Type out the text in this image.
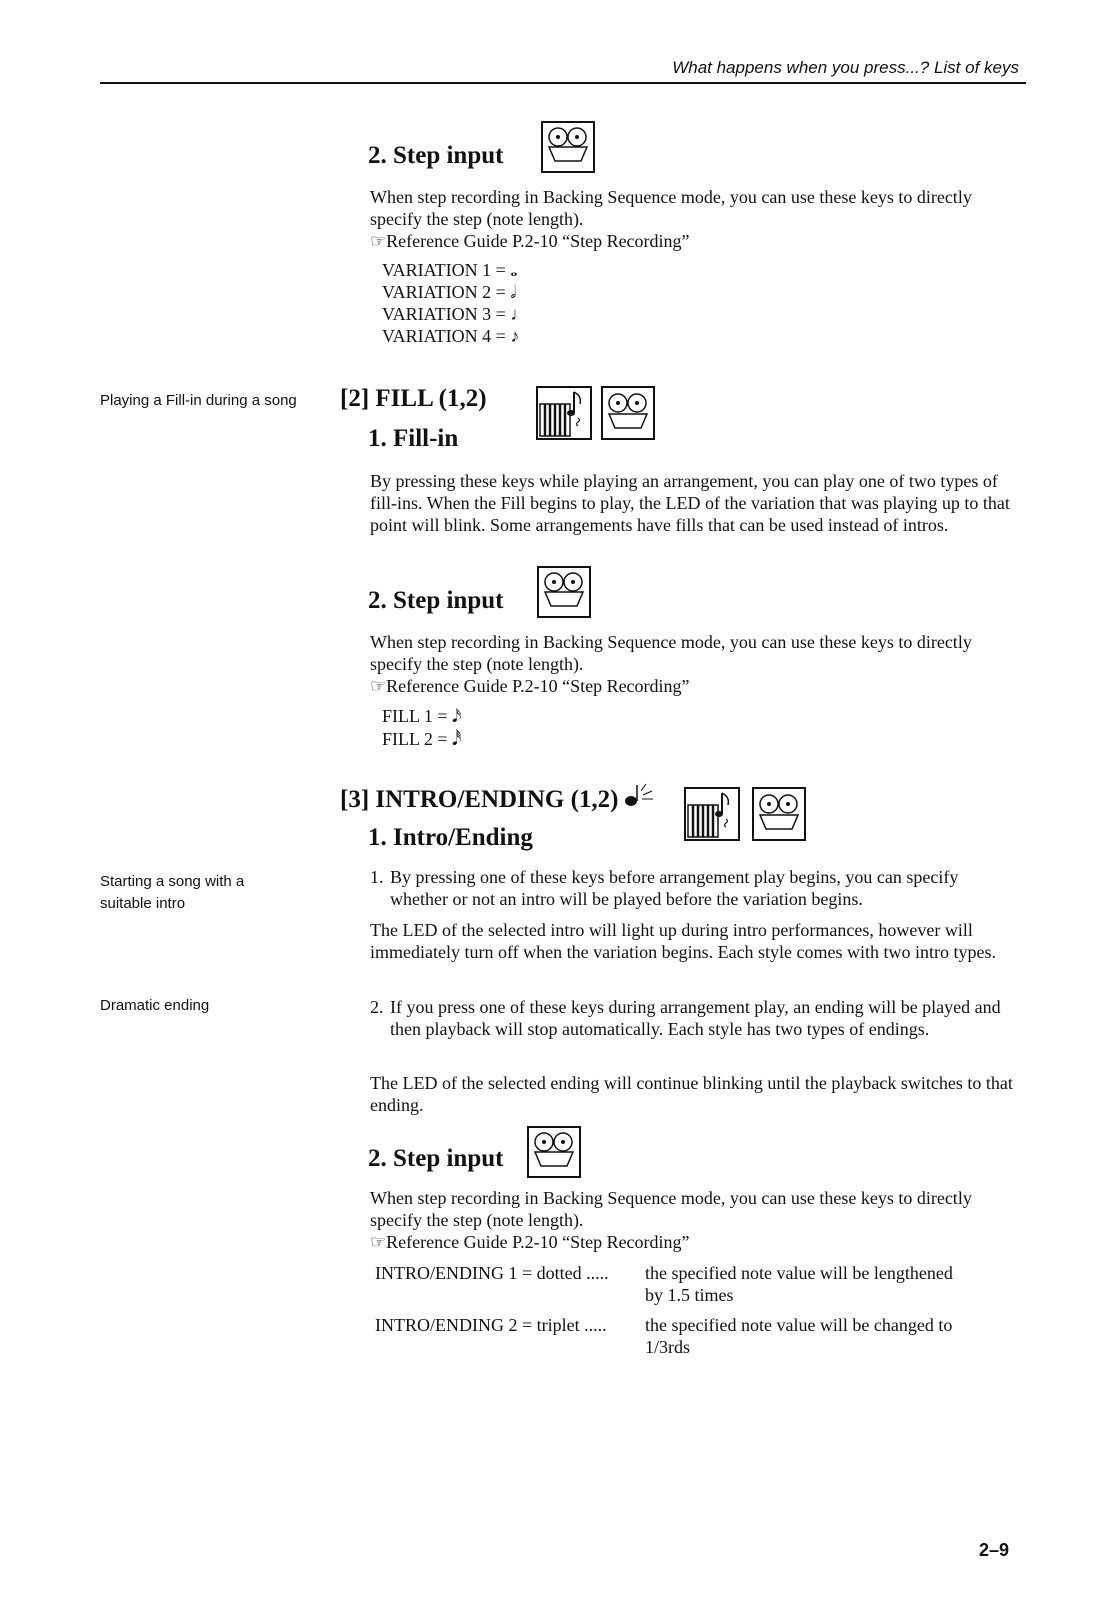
What happens when you press...? List of keys
Playing a Fill-in during a song
Starting a song with a suitable intro
Dramatic ending
2. Step input

When step recording in Backing Sequence mode, you can use these keys to directly specify the step (note length).

☞Reference Guide P.2-10 “Step Recording”

VARIATION 1 = 𝅝
VARIATION 2 = 𝅗𝅥
VARIATION 3 = ♩
VARIATION 4 = ♪
[2] FILL (1,2)
1. Fill-in
By pressing these keys while playing an arrangement, you can play one of two types of fill-ins. When the Fill begins to play, the LED of the variation that was playing up to that point will blink. Some arrangements have fills that can be used instead of intros.
2. Step input

When step recording in Backing Sequence mode, you can use these keys to directly specify the step (note length).

☞Reference Guide P.2-10 “Step Recording”

FILL 1 = 𝅘𝅥𝅯
FILL 2 = 𝅘𝅥𝅰
[3] INTRO/ENDING (1,2)
1. Intro/Ending
1. By pressing one of these keys before arrangement play begins, you can specify whether or not an intro will be played before the variation begins.
The LED of the selected intro will light up during intro performances, however will immediately turn off when the variation begins. Each style comes with two intro types.
2. If you press one of these keys during arrangement play, an ending will be played and then playback will stop automatically. Each style has two types of endings.
The LED of the selected ending will continue blinking until the playback switches to that ending.
2. Step input

When step recording in Backing Sequence mode, you can use these keys to directly specify the step (note length).

☞Reference Guide P.2-10 “Step Recording”

INTRO/ENDING 1 = dotted ..... the specified note value will be lengthened
by 1.5 times
INTRO/ENDING 2 = triplet ..... the specified note value will be changed to
1/3rds
2–9
